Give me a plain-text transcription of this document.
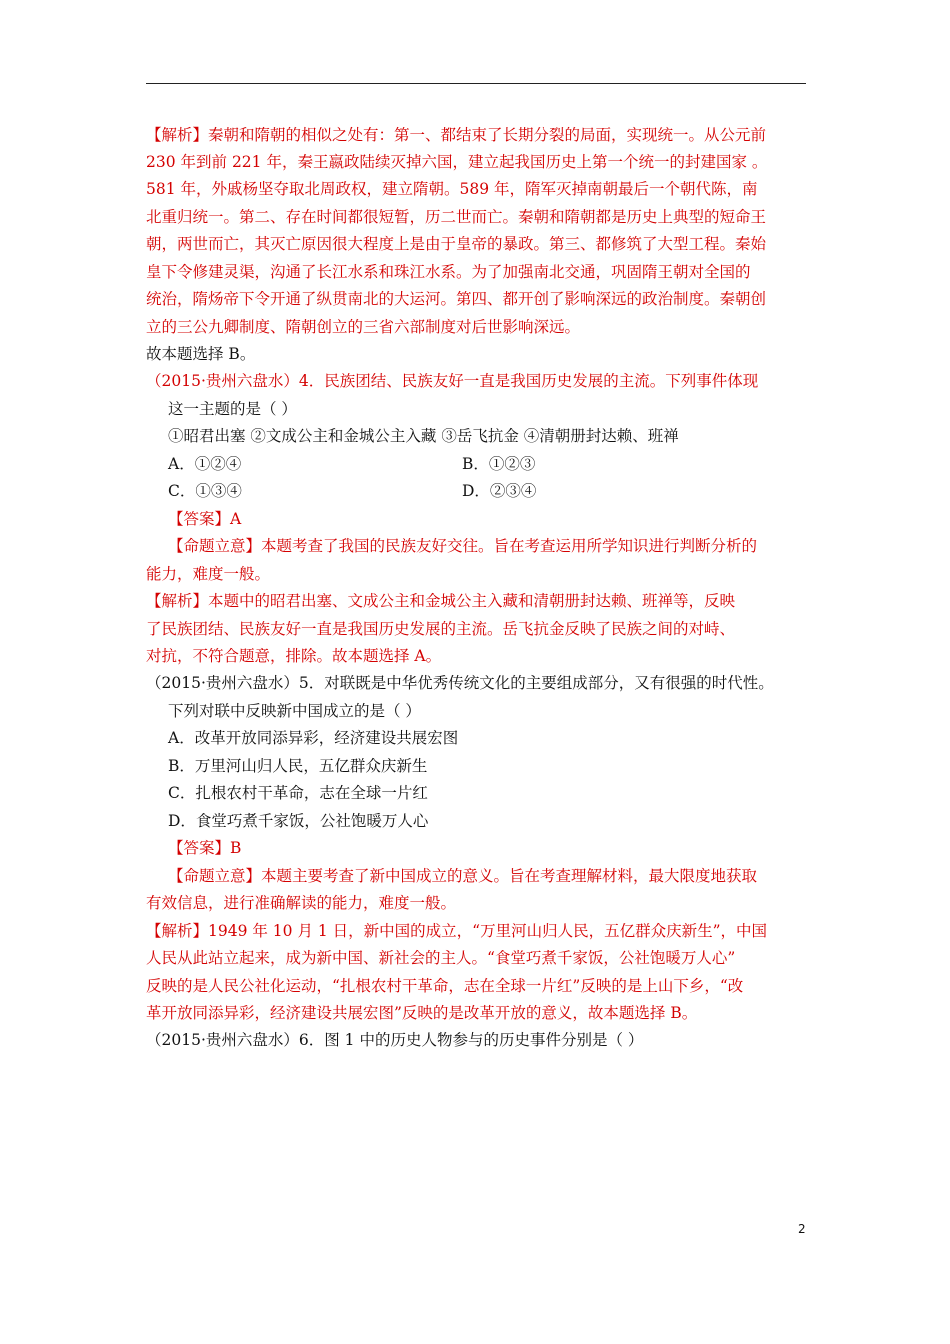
【解析】秦朝和隋朝的相似之处有：第一、都结束了长期分裂的局面，实现统一。从公元前
230 年到前 221 年，秦王嬴政陆续灭掉六国，建立起我国历史上第一个统一的封建国家 。
581 年，外戚杨坚夺取北周政权，建立隋朝。589 年，隋军灭掉南朝最后一个朝代陈，南
北重归统一。第二、存在时间都很短暂，历二世而亡。秦朝和隋朝都是历史上典型的短命王
朝，两世而亡，其灭亡原因很大程度上是由于皇帝的暴政。第三、都修筑了大型工程。秦始
皇下令修建灵渠，沟通了长江水系和珠江水系。为了加强南北交通，巩固隋王朝对全国的
统治，隋炀帝下令开通了纵贯南北的大运河。第四、都开创了影响深远的政治制度。秦朝创
立的三公九卿制度、隋朝创立的三省六部制度对后世影响深远。
故本题选择 B。
（2015·贵州六盘水）4．民族团结、民族友好一直是我国历史发展的主流。下列事件体现
这一主题的是（ ）
①昭君出塞 ②文成公主和金城公主入藏 ③岳飞抗金 ④清朝册封达赖、班禅
A．①②④	B．①②③
C．①③④	D．②③④
【答案】A
【命题立意】本题考查了我国的民族友好交往。旨在考查运用所学知识进行判断分析的
能力，难度一般。
【解析】本题中的昭君出塞、文成公主和金城公主入藏和清朝册封达赖、班禅等，反映
了民族团结、民族友好一直是我国历史发展的主流。岳飞抗金反映了民族之间的对峙、
对抗，不符合题意，排除。故本题选择 A。
（2015·贵州六盘水）5．对联既是中华优秀传统文化的主要组成部分，又有很强的时代性。
下列对联中反映新中国成立的是（ ）
A．改革开放同添异彩，经济建设共展宏图
B．万里河山归人民，五亿群众庆新生
C．扎根农村干革命，志在全球一片红
D．食堂巧煮千家饭，公社饱暖万人心
【答案】B
【命题立意】本题主要考查了新中国成立的意义。旨在考查理解材料，最大限度地获取
有效信息，进行准确解读的能力，难度一般。
【解析】1949 年 10 月 1 日，新中国的成立，“万里河山归人民，五亿群众庆新生”，中国
人民从此站立起来，成为新中国、新社会的主人。“食堂巧煮千家饭，公社饱暖万人心”
反映的是人民公社化运动，“扎根农村干革命，志在全球一片红”反映的是上山下乡，“改
革开放同添异彩，经济建设共展宏图”反映的是改革开放的意义，故本题选择 B。
（2015·贵州六盘水）6．图 1 中的历史人物参与的历史事件分别是（ ）
2
